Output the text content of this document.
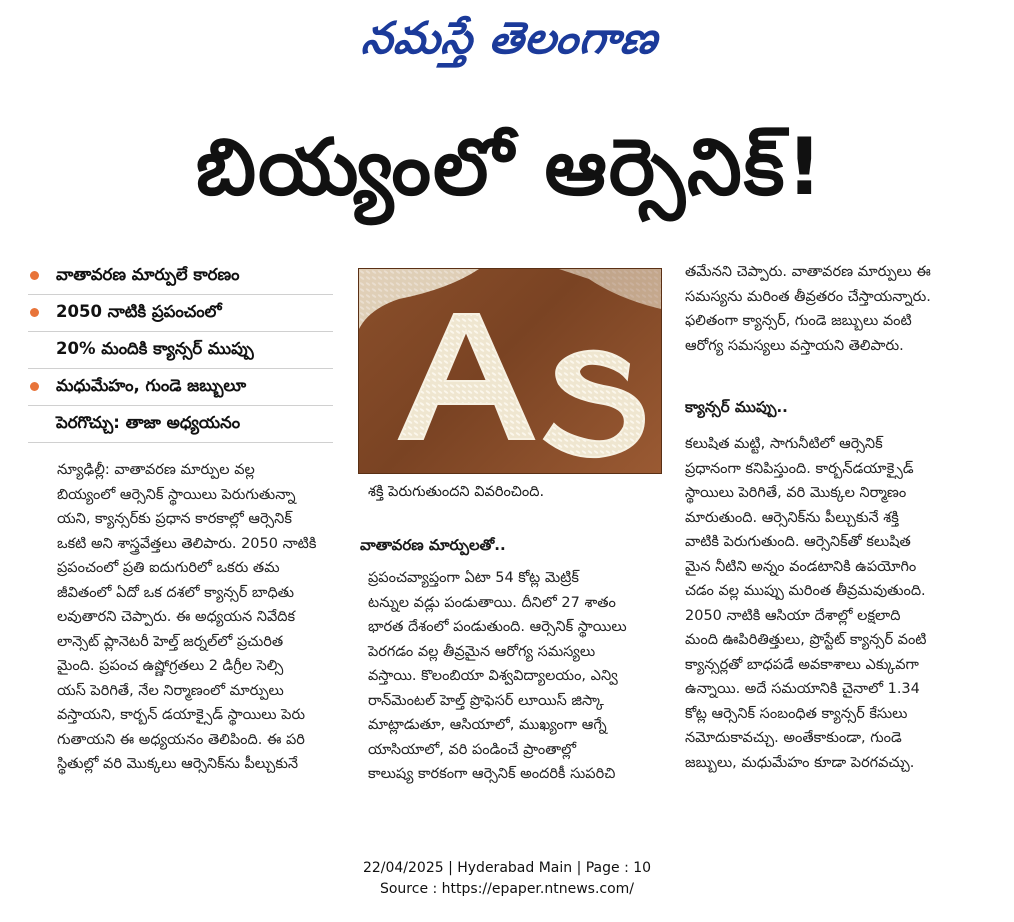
నమస్తే తెలంగాణ
బియ్యంలో ఆర్సెనిక్!
వాతావరణ మార్పులే కారణం
2050 నాటికి ప్రపంచంలో
20% మందికి క్యాన్సర్ ముప్పు
మధుమేహం, గుండె జబ్బులూ
పెరగొచ్చు: తాజా అధ్యయనం

న్యూఢిల్లీ: వాతావరణ మార్పుల వల్ల

బియ్యంలో ఆర్సెనిక్ స్థాయిలు పెరుగుతున్నా

యని, క్యాన్సర్‌కు ప్రధాన కారకాల్లో ఆర్సెనిక్

ఒకటి అని శాస్త్రవేత్తలు తెలిపారు. 2050 నాటికి

ప్రపంచంలో ప్రతి ఐదుగురిలో ఒకరు తమ

జీవితంలో ఏదో ఒక దశలో క్యాన్సర్ బాధితు

లవుతారని చెప్పారు. ఈ అధ్యయన నివేదిక

లాన్సెట్ ప్లానెటరీ హెల్త్ జర్నల్‌లో ప్రచురిత

మైంది. ప్రపంచ ఉష్ణోగ్రతలు 2 డిగ్రీల సెల్సి

యస్ పెరిగితే, నేల నిర్మాణంలో మార్పులు

వస్తాయని, కార్బన్ డయాక్సైడ్ స్థాయిలు పెరు

గుతాయని ఈ అధ్యయనం తెలిపింది. ఈ పరి

స్థితుల్లో వరి మొక్కలు ఆర్సెనిక్‌ను పీల్చుకునే

శక్తి పెరుగుతుందని వివరించింది.
వాతావరణ మార్పులతో..

ప్రపంచవ్యాప్తంగా ఏటా 54 కోట్ల మెట్రిక్

టన్నుల వడ్లు పండుతాయి. దీనిలో 27 శాతం

భారత దేశంలో పండుతుంది. ఆర్సెనిక్ స్థాయిలు

పెరగడం వల్ల తీవ్రమైన ఆరోగ్య సమస్యలు

వస్తాయి. కొలంబియా విశ్వవిద్యాలయం, ఎన్వి

రాన్‌మెంటల్ హెల్త్ ప్రొఫెసర్ లూయిస్ జిస్కా

మాట్లాడుతూ, ఆసియాలో, ముఖ్యంగా ఆగ్నే

యాసియాలో, వరి పండించే ప్రాంతాల్లో

కాలుష్య కారకంగా ఆర్సెనిక్ అందరికీ సుపరిచి

తమేనని చెప్పారు. వాతావరణ మార్పులు ఈ

సమస్యను మరింత తీవ్రతరం చేస్తాయన్నారు.

ఫలితంగా క్యాన్సర్, గుండె జబ్బులు వంటి

ఆరోగ్య సమస్యలు వస్తాయని తెలిపారు.

క్యాన్సర్ ముప్పు..

కలుషిత మట్టి, సాగునీటిలో ఆర్సెనిక్

ప్రధానంగా కనిపిస్తుంది. కార్బన్‌డయాక్సైడ్

స్థాయిలు పెరిగితే, వరి మొక్కల నిర్మాణం

మారుతుంది. ఆర్సెనిక్‌ను పీల్చుకునే శక్తి

వాటికి పెరుగుతుంది. ఆర్సెనిక్‌తో కలుషిత

మైన నీటిని అన్నం వండటానికి ఉపయోగిం

చడం వల్ల ముప్పు మరింత తీవ్రమవుతుంది.

2050 నాటికి ఆసియా దేశాల్లో లక్షలాది

మంది ఊపిరితిత్తులు, ప్రొస్టేట్ క్యాన్సర్ వంటి

క్యాన్సర్లతో బాధపడే అవకాశాలు ఎక్కువగా

ఉన్నాయి. అదే సమయానికి చైనాలో 1.34

కోట్ల ఆర్సెనిక్ సంబంధిత క్యాన్సర్ కేసులు

నమోదుకావచ్చు. అంతేకాకుండా, గుండె

జబ్బులు, మధుమేహం కూడా పెరగవచ్చు.

22/04/2025 | Hyderabad Main | Page : 10
Source : https://epaper.ntnews.com/
